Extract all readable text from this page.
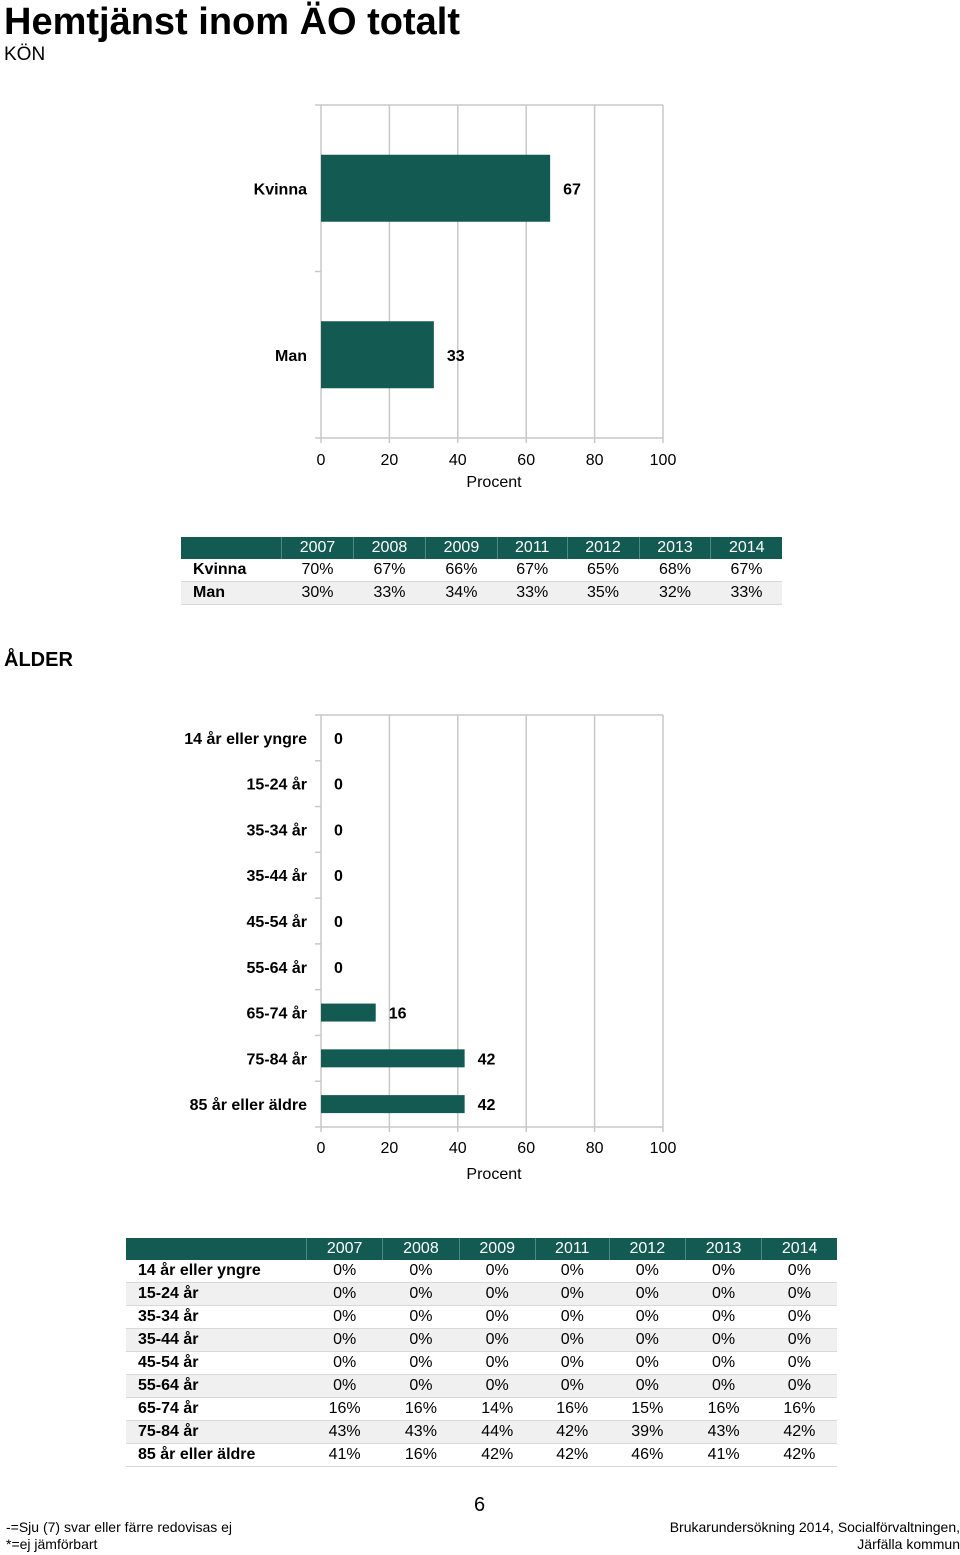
Hemtjänst inom ÄO totalt
KÖN
Kvinna	67
Man	33
0	20	40	60	80	100
Procent
	2007	2008	2009	2011	2012	2013	2014
Kvinna	70%	67%	66%	67%	65%	68%	67%
Man	30%	33%	34%	33%	35%	32%	33%
ÅLDER
14 år eller yngre 0
15-24 år 0
35-34 år 0
35-44 år 0
45-54 år 0
55-64 år 0
65-74 år	16
75-84 år	42
85 år eller äldre	42
0	20	40	60	80	100
Procent
	2007	2008	2009	2011	2012	2013	2014
14 år eller yngre	0%	0%	0%	0%	0%	0%	0%
15-24 år	0%	0%	0%	0%	0%	0%	0%
35-34 år	0%	0%	0%	0%	0%	0%	0%
35-44 år	0%	0%	0%	0%	0%	0%	0%
45-54 år	0%	0%	0%	0%	0%	0%	0%
55-64 år	0%	0%	0%	0%	0%	0%	0%
65-74 år	16%	16%	14%	16%	15%	16%	16%
75-84 år	43%	43%	44%	42%	39%	43%	42%
85 år eller äldre	41%	16%	42%	42%	46%	41%	42%
6
-=Sju (7) svar eller färre redovisas ej
*=ej jämförbart
Brukarundersökning 2014, Socialförvaltningen,
Järfälla kommun
